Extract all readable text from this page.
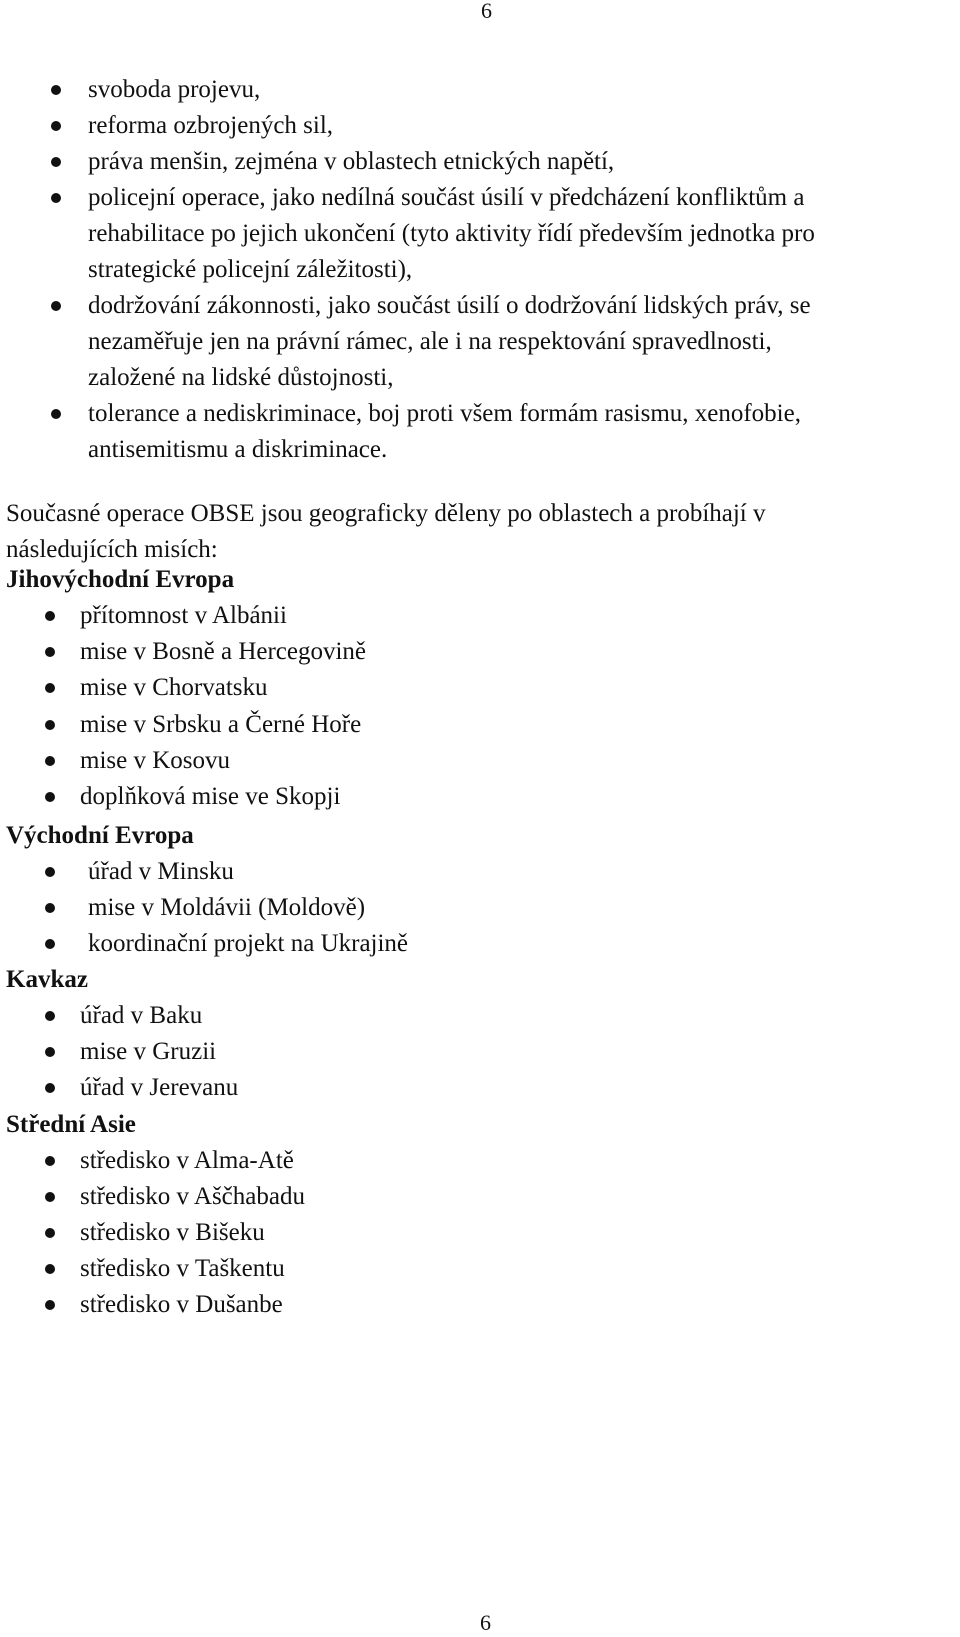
6
svoboda projevu,
reforma ozbrojených sil,
práva menšin, zejména v oblastech etnických napětí,
policejní operace, jako nedílná součást úsilí v předcházení konfliktům a
rehabilitace po jejich ukončení (tyto aktivity řídí především jednotka pro
strategické policejní záležitosti),
dodržování zákonnosti, jako součást úsilí o dodržování lidských práv, se
nezaměřuje jen na právní rámec, ale i na respektování spravedlnosti,
založené na lidské důstojnosti,
tolerance a nediskriminace, boj proti všem formám rasismu, xenofobie,
antisemitismu a diskriminace.

Současné operace OBSE jsou geograficky děleny po oblastech a probíhají v
následujících misích:

Jihovýchodní Evropa
přítomnost v Albánii
mise v Bosně a Hercegovině
mise v Chorvatsku
mise v Srbsku a Černé Hoře
mise v Kosovu
doplňková mise ve Skopji
Východní Evropa
úřad v Minsku
mise v Moldávii (Moldově)
koordinační projekt na Ukrajině
Kavkaz
úřad v Baku
mise v Gruzii
úřad v Jerevanu
Střední Asie
středisko v Alma-Atě
středisko v Aščhabadu
středisko v Bišeku
středisko v Taškentu
středisko v Dušanbe
6
